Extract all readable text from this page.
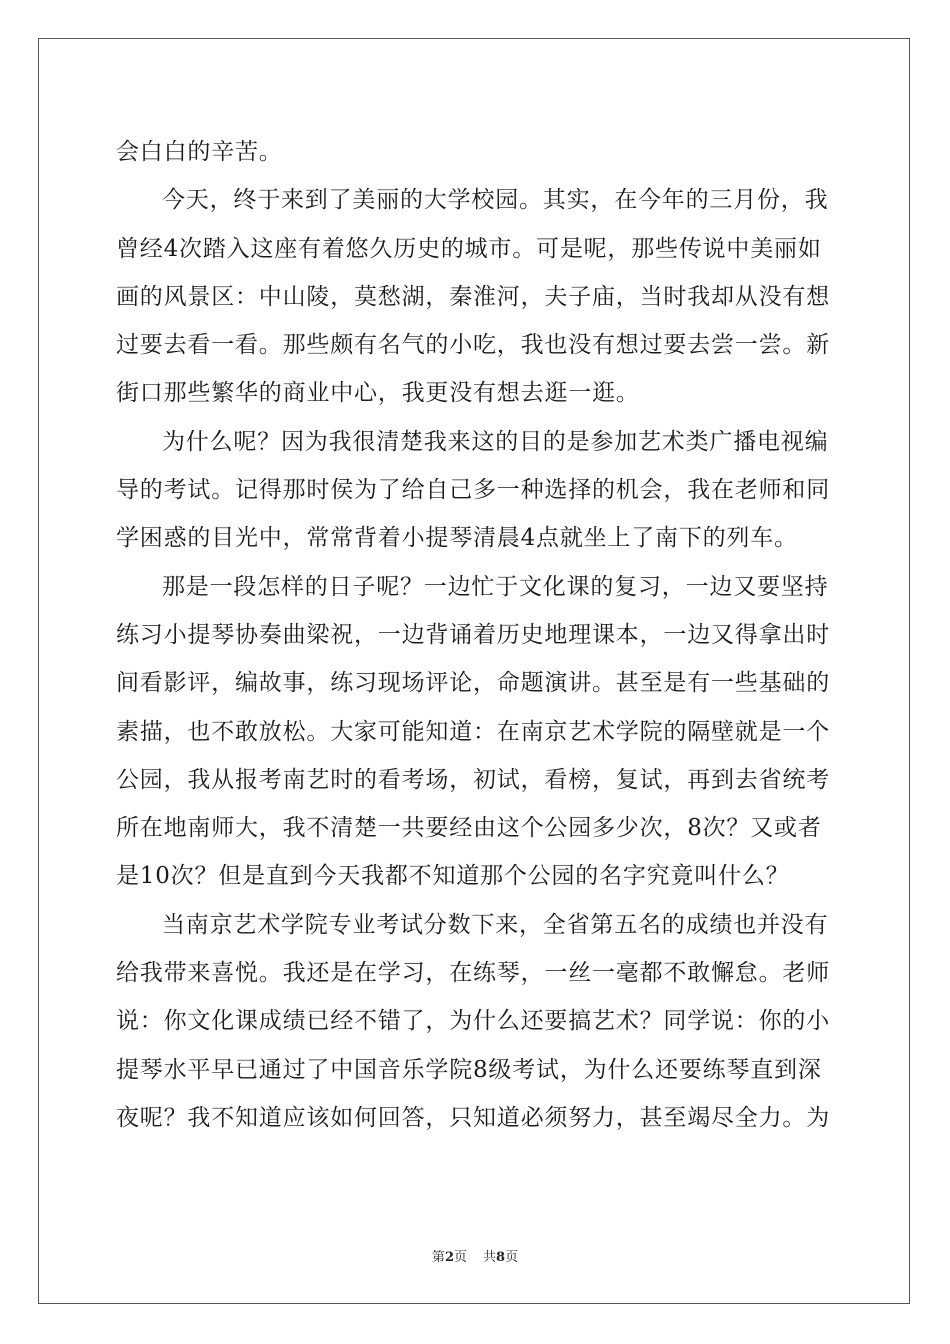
会白白的辛苦。
今天，终于来到了美丽的大学校园。其实，在今年的三月份，我
曾经4次踏入这座有着悠久历史的城市。可是呢，那些传说中美丽如
画的风景区：中山陵，莫愁湖，秦淮河，夫子庙，当时我却从没有想
过要去看一看。那些颇有名气的小吃，我也没有想过要去尝一尝。新
街口那些繁华的商业中心，我更没有想去逛一逛。
为什么呢？因为我很清楚我来这的目的是参加艺术类广播电视编
导的考试。记得那时侯为了给自己多一种选择的机会，我在老师和同
学困惑的目光中，常常背着小提琴清晨4点就坐上了南下的列车。
那是一段怎样的日子呢？一边忙于文化课的复习，一边又要坚持
练习小提琴协奏曲梁祝，一边背诵着历史地理课本，一边又得拿出时
间看影评，编故事，练习现场评论，命题演讲。甚至是有一些基础的
素描，也不敢放松。大家可能知道：在南京艺术学院的隔壁就是一个
公园，我从报考南艺时的看考场，初试，看榜，复试，再到去省统考
所在地南师大，我不清楚一共要经由这个公园多少次，8次？又或者
是10次？但是直到今天我都不知道那个公园的名字究竟叫什么？
当南京艺术学院专业考试分数下来，全省第五名的成绩也并没有
给我带来喜悦。我还是在学习，在练琴，一丝一毫都不敢懈怠。老师
说：你文化课成绩已经不错了，为什么还要搞艺术？同学说：你的小
提琴水平早已通过了中国音乐学院8级考试，为什么还要练琴直到深
夜呢？我不知道应该如何回答，只知道必须努力，甚至竭尽全力。为
第2页 共8页
